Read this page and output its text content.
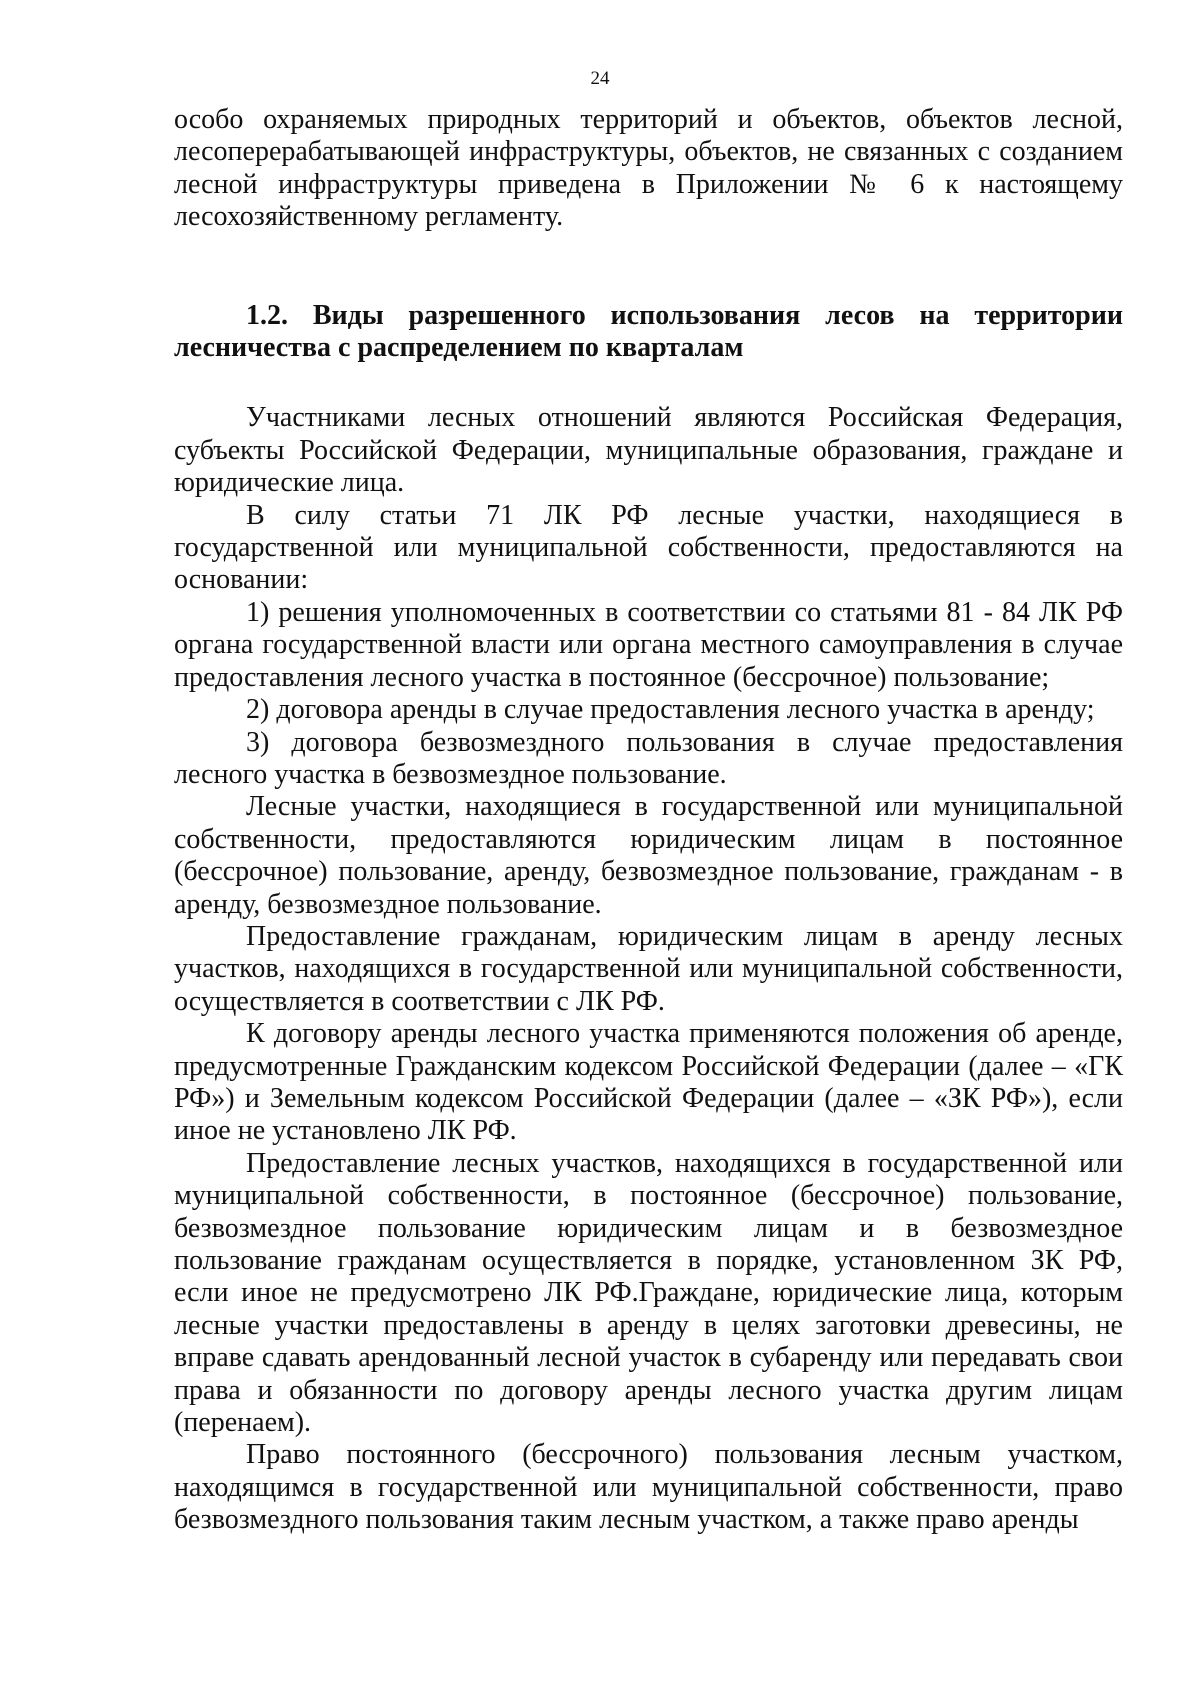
24

особо охраняемых природных территорий и объектов, объектов лесной, лесоперерабатывающей инфраструктуры, объектов, не связанных с созданием лесной инфраструктуры приведена в Приложении № 6 к настоящему лесохозяйственному регламенту.

1.2. Виды разрешенного использования лесов на территории лесничества с распределением по кварталам

Участниками лесных отношений являются Российская Федерация, субъекты Российской Федерации, муниципальные образования, граждане и юридические лица.

В силу статьи 71 ЛК РФ лесные участки, находящиеся в государственной или муниципальной собственности, предоставляются на основании:

1) решения уполномоченных в соответствии со статьями 81 - 84 ЛК РФ органа государственной власти или органа местного самоуправления в случае предоставления лесного участка в постоянное (бессрочное) пользование;

2) договора аренды в случае предоставления лесного участка в аренду;

3) договора безвозмездного пользования в случае предоставления лесного участка в безвозмездное пользование.

Лесные участки, находящиеся в государственной или муниципальной собственности, предоставляются юридическим лицам в постоянное (бессрочное) пользование, аренду, безвозмездное пользование, гражданам - в аренду, безвозмездное пользование.

Предоставление гражданам, юридическим лицам в аренду лесных участков, находящихся в государственной или муниципальной собственности, осуществляется в соответствии с ЛК РФ.

К договору аренды лесного участка применяются положения об аренде, предусмотренные Гражданским кодексом Российской Федерации (далее – «ГК РФ») и Земельным кодексом Российской Федерации (далее – «ЗК РФ»), если иное не установлено ЛК РФ.

Предоставление лесных участков, находящихся в государственной или муниципальной собственности, в постоянное (бессрочное) пользование, безвозмездное пользование юридическим лицам и в безвозмездное пользование гражданам осуществляется в порядке, установленном ЗК РФ, если иное не предусмотрено ЛК РФ.Граждане, юридические лица, которым лесные участки предоставлены в аренду в целях заготовки древесины, не вправе сдавать арендованный лесной участок в субаренду или передавать свои права и обязанности по договору аренды лесного участка другим лицам (перенаем).

Право постоянного (бессрочного) пользования лесным участком, находящимся в государственной или муниципальной собственности, право безвозмездного пользования таким лесным участком, а также право аренды
